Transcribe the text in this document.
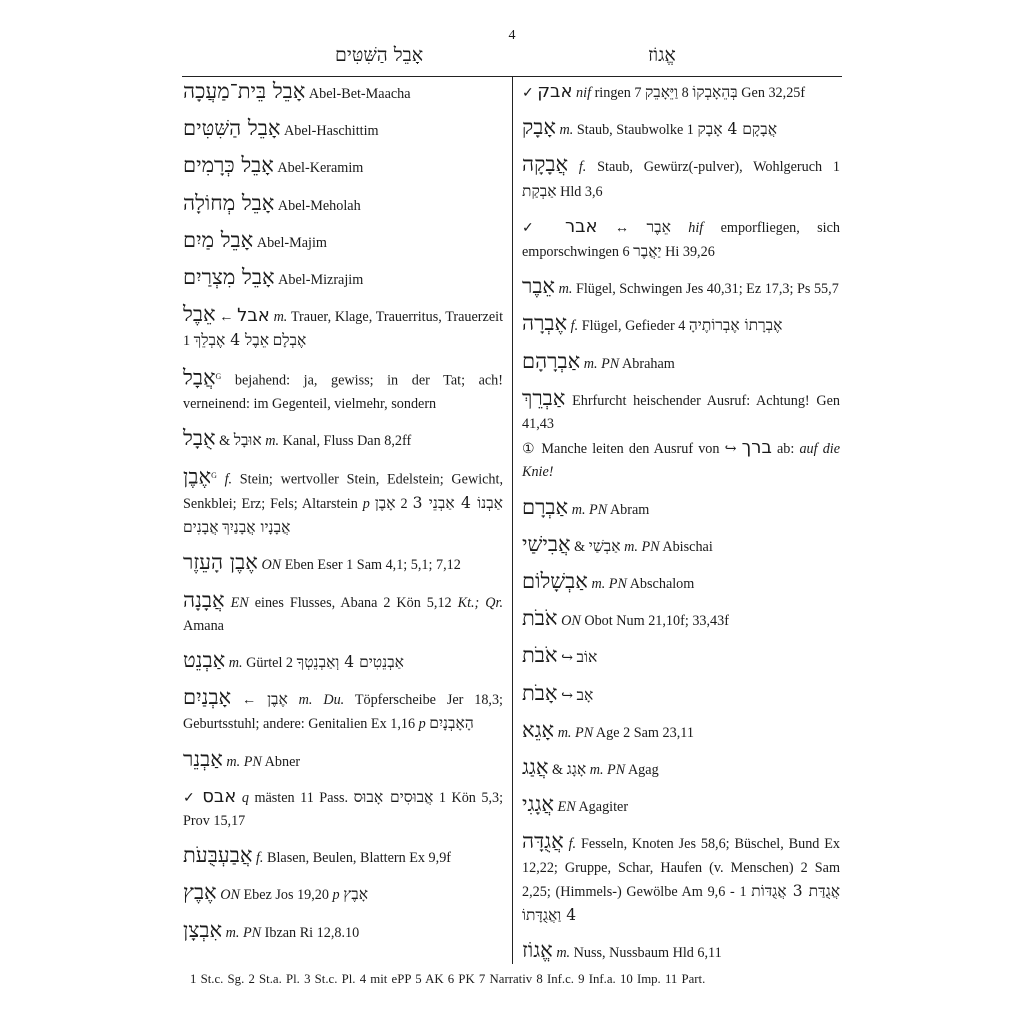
4
אָבֵל הַשִּׁטִּים	אֱגוֹז
אָבֵל בֵּית־מַעֲכָה Abel-Bet-Maacha
אָבֵל הַשִּׁטִּים Abel-Haschittim
אָבֵל כְּרָמִים Abel-Keramim
אָבֵל מְחוֹלָה Abel-Meholah
אָבֵל מַיִם Abel-Majim
אָבֵל מִצְרַיִם Abel-Mizrajim
אֵבֶל ← אבל m. Trauer, Klage, Trauerritus, Trauerzeit 1 אֵבֶל 4 אֶבְלֵךְ אֶבְלָם
אֲבָל$^G$ bejahend: ja, gewiss; in der Tat; ach! verneinend: im Gegenteil, vielmehr, sondern
אֻבָל & אוּבָל m. Kanal, Fluss Dan 8,2ff
אֶבֶן$^G$ f. Stein; wertvoller Stein, Edelstein; Gewicht, Senkblei; Erz; Fels; Altarstein p אָבֶן 2 אַבְנוֹ 4 אַבְנֵי 3 אֲבָנִים אֲבָנָיו אֲבָנַיִךְ
אֶבֶן הָעֵזֶר ON Eben Eser 1 Sam 4,1; 5,1; 7,12
אֲבָנָה EN eines Flusses, Abana 2 Kön 5,12 Kt.; Qr. Amana
אַבְנֵט m. Gürtel 2 אַבְנֵטִים 4 וְאַבְנֵטְךָ
אָבְנַיִם ← אֶבֶן m. Du. Töpferscheibe Jer 18,3; Geburtsstuhl; andere: Genitalien Ex 1,16 p הָאָבְנָיִם
אַבְנֵר m. PN Abner
✓ אבס q mästen 11 Pass. אֲבוּסִים אָבוּס 1 Kön 5,3; Prov 15,17
אֲבַעְבֻּעֹת f. Blasen, Beulen, Blattern Ex 9,9f
אֶבֶץ ON Ebez Jos 19,20 p אָבֶץ
אִבְצָן m. PN Ibzan Ri 12,8.10
✓ אבק nif ringen 7 וַיֵּאָבֵק 8 בְּהֵאָבְקוֹ Gen 32,25f
אָבָק m. Staub, Staubwolke 1 אֲבָקָם 4 אָבָק
אֲבָקָה f. Staub, Gewürz(-pulver), Wohlgeruch 1 אַבְקַת Hld 3,6
✓ אבר ↔ אֵבֶר hif emporfliegen, sich emporschwingen 6 יַאֲבֶר Hi 39,26
אֵבֶר m. Flügel, Schwingen Jes 40,31; Ez 17,3; Ps 55,7
אֶבְרָה f. Flügel, Gefieder 4 אֶבְרָתוֹ אֶבְרוֹתֶיהָ
אַבְרָהָם m. PN Abraham
אַבְרֵךְ Ehrfurcht heischender Ausruf: Achtung! Gen 41,43
① Manche leiten den Ausruf von ↪ ברך ab: auf die Knie!
אַבְרָם m. PN Abram
אֲבִישַׁי & אַבְשַׁי m. PN Abischai
אַבְשָׁלוֹם m. PN Abschalom
אֹבֹת ON Obot Num 21,10f; 33,43f
אֹבֹת ↪ אוֹב
אָבֹת ↪ אָב
אָגֵא m. PN Age 2 Sam 23,11
אֲגַג & אָגָג m. PN Agag
אֲגָגִי EN Agagiter
אֲגֻדָּה f. Fesseln, Knoten Jes 58,6; Büschel, Bund Ex 12,22; Gruppe, Schar, Haufen (v. Menschen) 2 Sam 2,25; (Himmels-) Gewölbe Am 9,6 - 1 אֲגֻדַּת 3 אֲגֻדּוֹת 4 וַאֲגֻדָּתוֹ
אֱגוֹז m. Nuss, Nussbaum Hld 6,11
1 St.c. Sg. 2 St.a. Pl. 3 St.c. Pl. 4 mit ePP 5 AK 6 PK 7 Narrativ 8 Inf.c. 9 Inf.a. 10 Imp. 11 Part.
